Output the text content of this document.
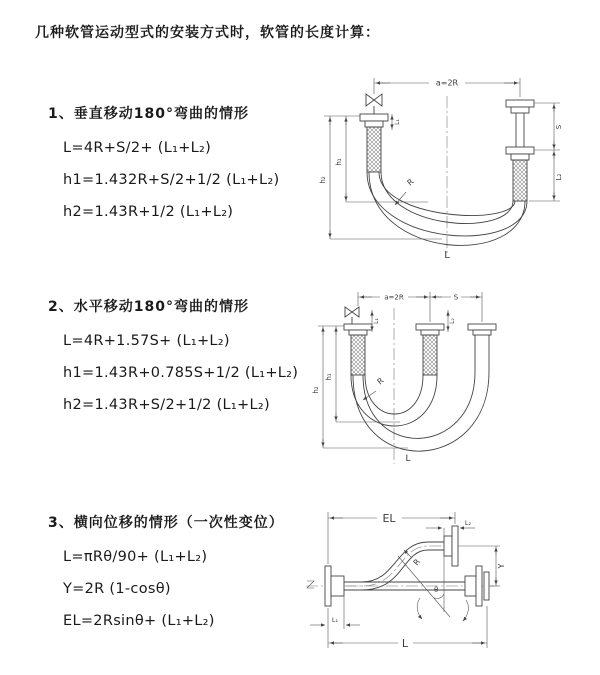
几种软管运动型式的安装方式时，软管的长度计算：
1、垂直移动180°弯曲的情形
L=4R+S/2+ (L₁+L₂)
h1=1.432R+S/2+1/2 (L₁+L₂)
h2=1.43R+1/2 (L₁+L₂)
2、水平移动180°弯曲的情形
L=4R+1.57S+ (L₁+L₂)
h1=1.43R+0.785S+1/2 (L₁+L₂)
h2=1.43R+S/2+1/2 (L₁+L₂)
3、横向位移的情形（一次性变位）
L=πRθ/90+ (L₁+L₂)
Y=2R (1-cosθ)
EL=2Rsinθ+ (L₁+L₂)
a=2R
h₁
h₂
S
L₂
L₁
R
L
a=2R	S
h₁
h₂
L₁	L₂
R
L
EL	L₂
θ
R	Y
L
L₁
